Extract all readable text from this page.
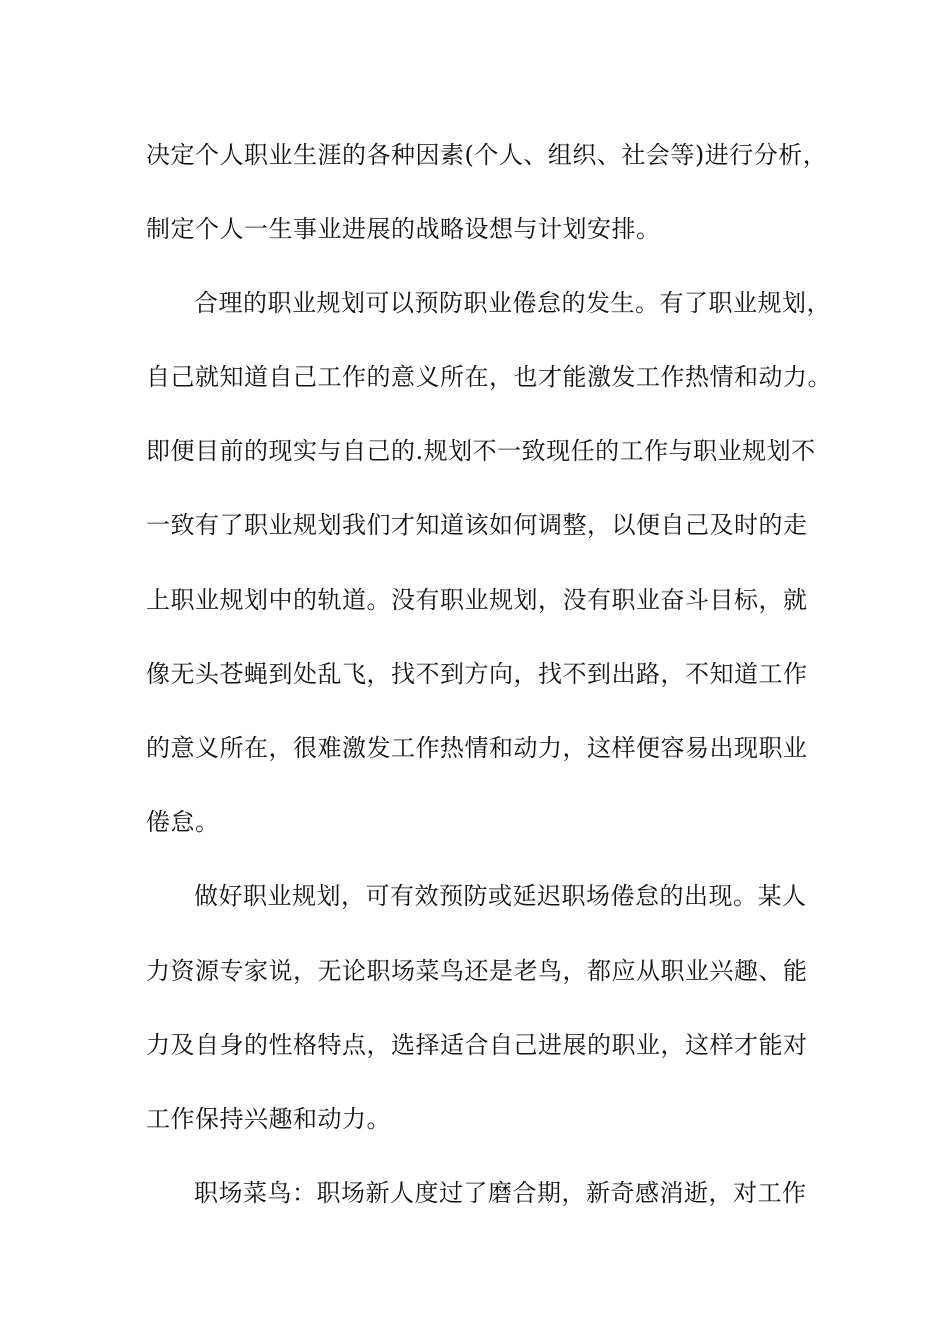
决定个人职业生涯的各种因素(个人、组织、社会等)进行分析，
制定个人一生事业进展的战略设想与计划安排。
合理的职业规划可以预防职业倦怠的发生。有了职业规划，
自己就知道自己工作的意义所在，也才能激发工作热情和动力。
即便目前的现实与自己的.规划不一致现任的工作与职业规划不
一致有了职业规划我们才知道该如何调整，以便自己及时的走
上职业规划中的轨道。没有职业规划，没有职业奋斗目标，就
像无头苍蝇到处乱飞，找不到方向，找不到出路，不知道工作
的意义所在，很难激发工作热情和动力，这样便容易出现职业
倦怠。
做好职业规划，可有效预防或延迟职场倦怠的出现。某人
力资源专家说，无论职场菜鸟还是老鸟，都应从职业兴趣、能
力及自身的性格特点，选择适合自己进展的职业，这样才能对
工作保持兴趣和动力。
职场菜鸟：职场新人度过了磨合期，新奇感消逝，对工作
